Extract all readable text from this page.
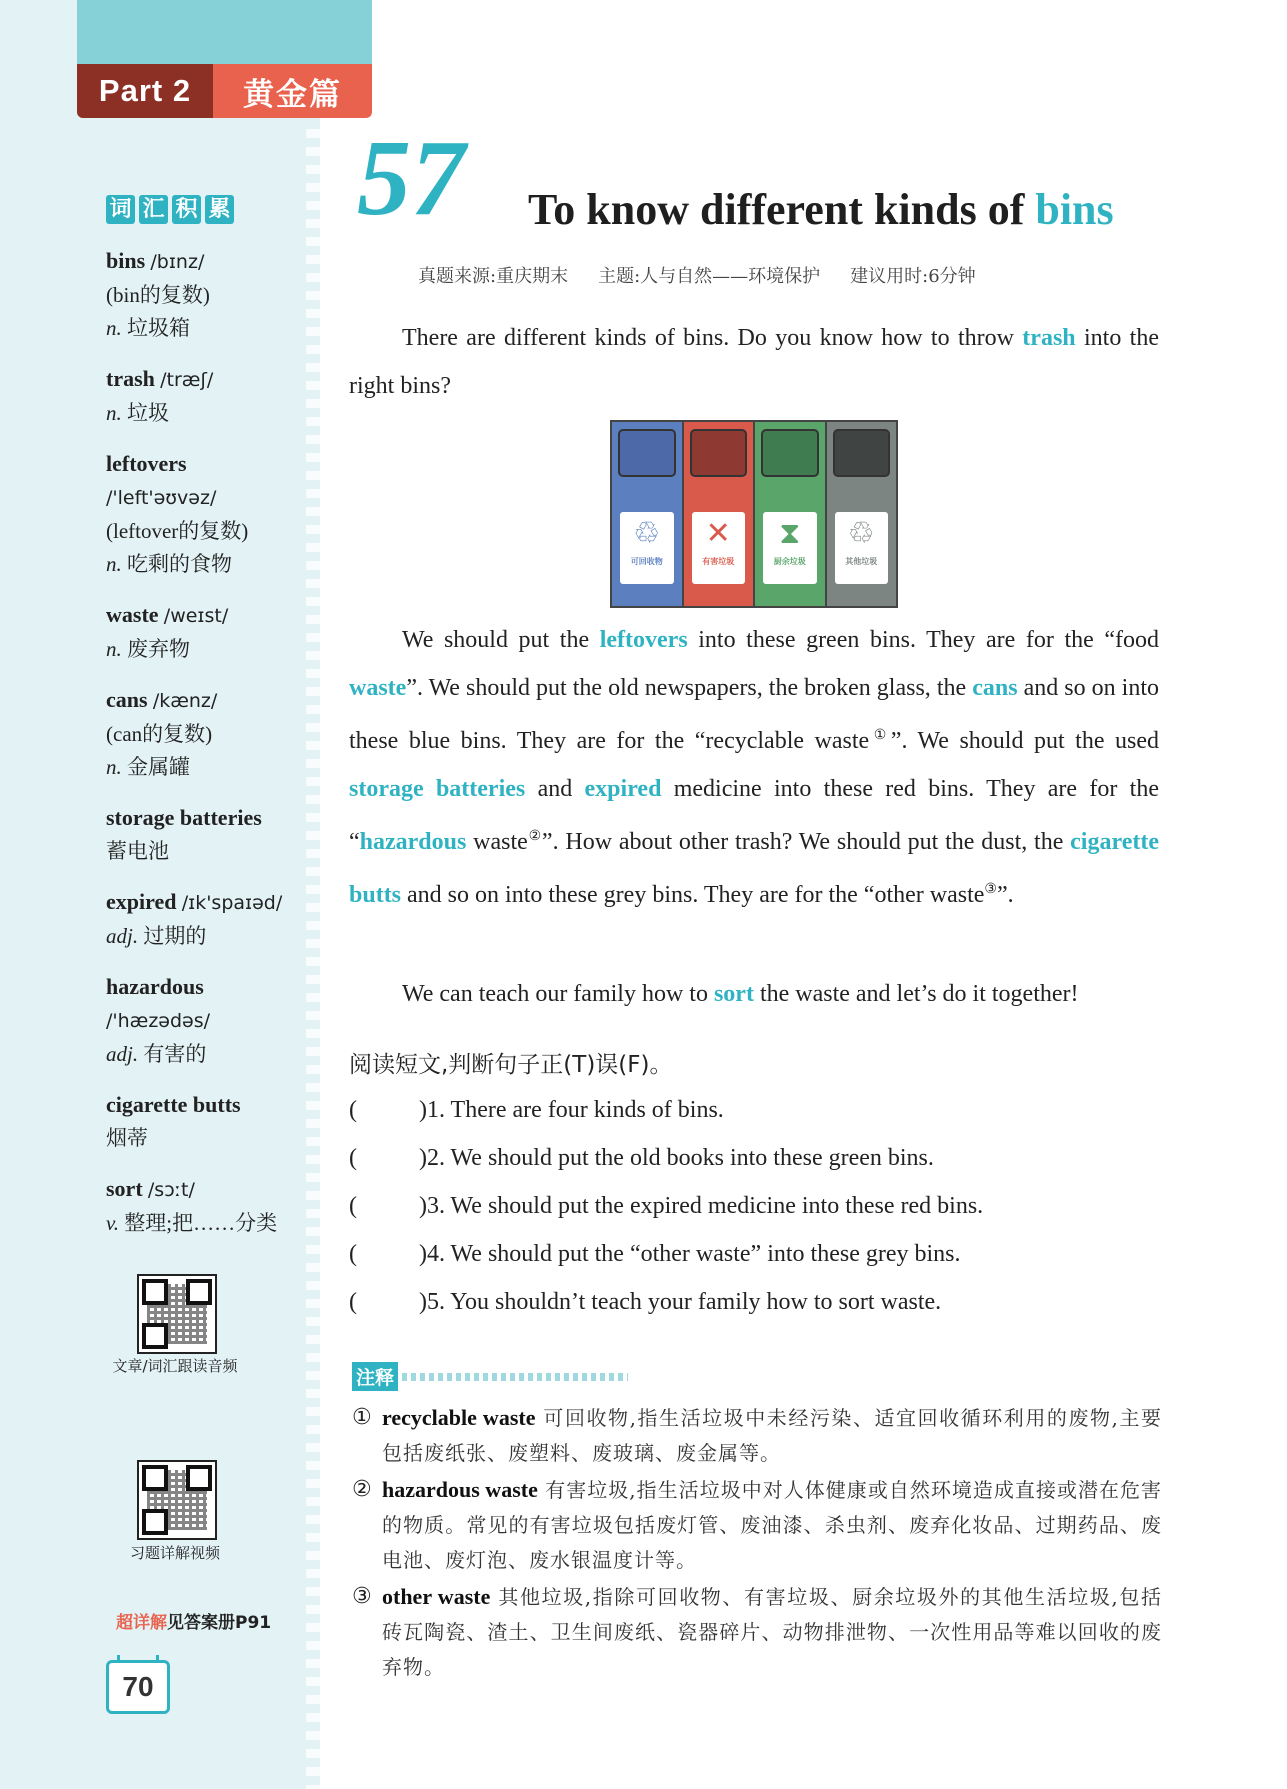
Part 2	黄金篇
词 汇 积 累
bins /bɪnz/
(bin的复数)
n. 垃圾箱
trash /træʃ/
n. 垃圾
leftovers
/'left'əʊvəz/
(leftover的复数)
n. 吃剩的食物
waste /weɪst/
n. 废弃物
cans /kænz/
(can的复数)
n. 金属罐
storage batteries
蓄电池
expired /ɪk'spaɪəd/
adj. 过期的
hazardous
/'hæzədəs/
adj. 有害的
cigarette butts
烟蒂
sort /sɔːt/
v. 整理;把……分类
文章/词汇跟读音频
习题详解视频
超详解见答案册P91
70
57 To know different kinds of bins
真题来源:重庆期末 主题:人与自然——环境保护 建议用时:6分钟
There are different kinds of bins. Do you know how to throw trash into the right bins?
♲
可回收物
✕
有害垃圾
⧗
厨余垃圾
♲
其他垃圾
We should put the leftovers into these green bins. They are for the “food waste”. We should put the old newspapers, the broken glass, the cans and so on into these blue bins. They are for the “recyclable waste①”. We should put the used storage batteries and expired medicine into these red bins. They are for the “hazardous waste②”. How about other trash? We should put the dust, the cigarette butts and so on into these grey bins. They are for the “other waste③”.
We can teach our family how to sort the waste and let’s do it together!
阅读短文,判断句子正(T)误(F)。
(	)1. There are four kinds of bins.
(	)2. We should put the old books into these green bins.
(	)3. We should put the expired medicine into these red bins.
(	)4. We should put the “other waste” into these grey bins.
(	)5. You shouldn’t teach your family how to sort waste.
注释
① recyclable waste 可回收物,指生活垃圾中未经污染、适宜回收循环利用的废物,主要包括废纸张、废塑料、废玻璃、废金属等。
② hazardous waste 有害垃圾,指生活垃圾中对人体健康或自然环境造成直接或潜在危害的物质。常见的有害垃圾包括废灯管、废油漆、杀虫剂、废弃化妆品、过期药品、废电池、废灯泡、废水银温度计等。
③ other waste 其他垃圾,指除可回收物、有害垃圾、厨余垃圾外的其他生活垃圾,包括砖瓦陶瓷、渣土、卫生间废纸、瓷器碎片、动物排泄物、一次性用品等难以回收的废弃物。
